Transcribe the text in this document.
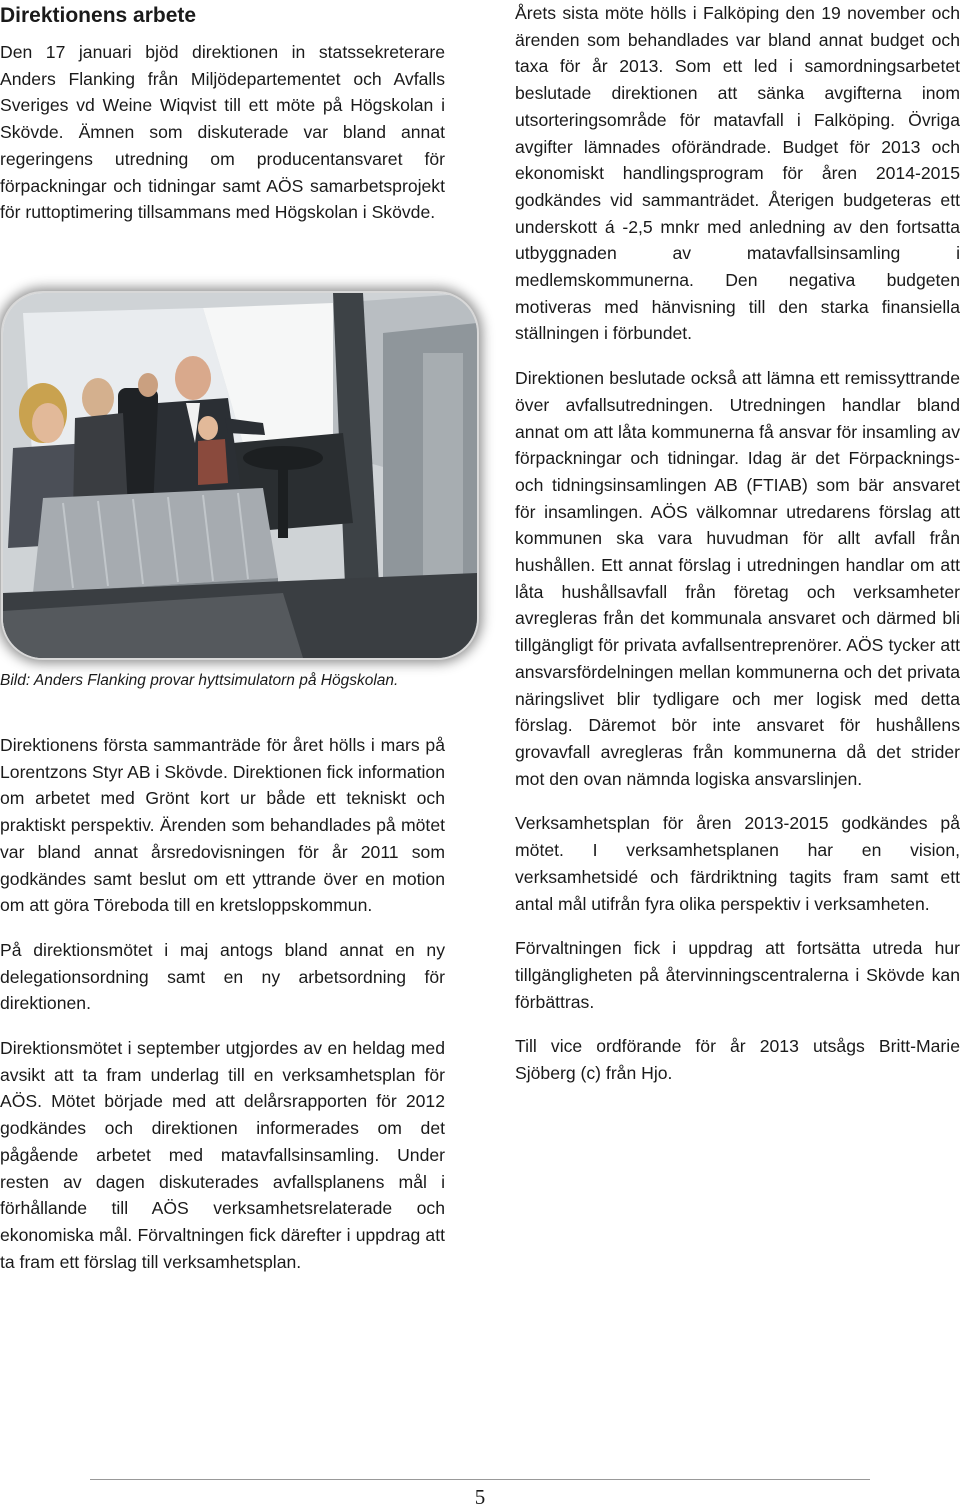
Direktionens arbete

Den 17 januari bjöd direktionen in statssekreterare Anders Flanking från Miljödepartementet och Avfalls Sveriges vd Weine Wiqvist till ett möte på Högskolan i Skövde. Ämnen som diskuterade var bland annat regeringens utredning om producentansvaret för förpackningar och tidningar samt AÖS samarbetsprojekt för ruttoptimering tillsammans med Högskolan i Skövde.

Bild: Anders Flanking provar hyttsimulatorn på Högskolan.

Direktionens första sammanträde för året hölls i mars på Lorentzons Styr AB i Skövde. Direktionen fick information om arbetet med Grönt kort ur både ett tekniskt och praktiskt perspektiv. Ärenden som behandlades på mötet var bland annat årsredovisningen för år 2011 som godkändes samt beslut om ett yttrande över en motion om att göra Töreboda till en kretsloppskommun.

På direktionsmötet i maj antogs bland annat en ny delegationsordning samt en ny arbetsordning för direktionen.

Direktionsmötet i september utgjordes av en heldag med avsikt att ta fram underlag till en verksamhetsplan för AÖS. Mötet började med att delårsrapporten för 2012 godkändes och direktionen informerades om det pågående arbetet med matavfallsinsamling. Under resten av dagen diskuterades avfallsplanens mål i förhållande till AÖS verksamhetsrelaterade och ekonomiska mål. Förvaltningen fick därefter i uppdrag att ta fram ett förslag till verksamhetsplan.

Årets sista möte hölls i Falköping den 19 november och ärenden som behandlades var bland annat budget och taxa för år 2013. Som ett led i samordningsarbetet beslutade direktionen att sänka avgifterna inom utsorteringsområde för matavfall i Falköping. Övriga avgifter lämnades oförändrade. Budget för 2013 och ekonomiskt handlingsprogram för åren 2014-2015 godkändes vid sammanträdet. Återigen budgeteras ett underskott á -2,5 mnkr med anledning av den fortsatta utbyggnaden av matavfallsinsamling i medlemskommunerna. Den negativa budgeten motiveras med hänvisning till den starka finansiella ställningen i förbundet.

Direktionen beslutade också att lämna ett remissyttrande över avfallsutredningen. Utredningen handlar bland annat om att låta kommunerna få ansvar för insamling av förpackningar och tidningar. Idag är det Förpacknings- och tidningsinsamlingen AB (FTIAB) som bär ansvaret för insamlingen. AÖS välkomnar utredarens förslag att kommunen ska vara huvudman för allt avfall från hushållen. Ett annat förslag i utredningen handlar om att låta hushållsavfall från företag och verksamheter avregleras från det kommunala ansvaret och därmed bli tillgängligt för privata avfallsentreprenörer. AÖS tycker att ansvarsfördelningen mellan kommunerna och det privata näringslivet blir tydligare och mer logisk med detta förslag. Däremot bör inte ansvaret för hushållens grovavfall avregleras från kommunerna då det strider mot den ovan nämnda logiska ansvarslinjen.

Verksamhetsplan för åren 2013-2015 godkändes på mötet. I verksamhetsplanen har en vision, verksamhetsidé och färdriktning tagits fram samt ett antal mål utifrån fyra olika perspektiv i verksamheten.

Förvaltningen fick i uppdrag att fortsätta utreda hur tillgängligheten på återvinningscentralerna i Skövde kan förbättras.

Till vice ordförande för år 2013 utsågs Britt-Marie Sjöberg (c) från Hjo.

5
